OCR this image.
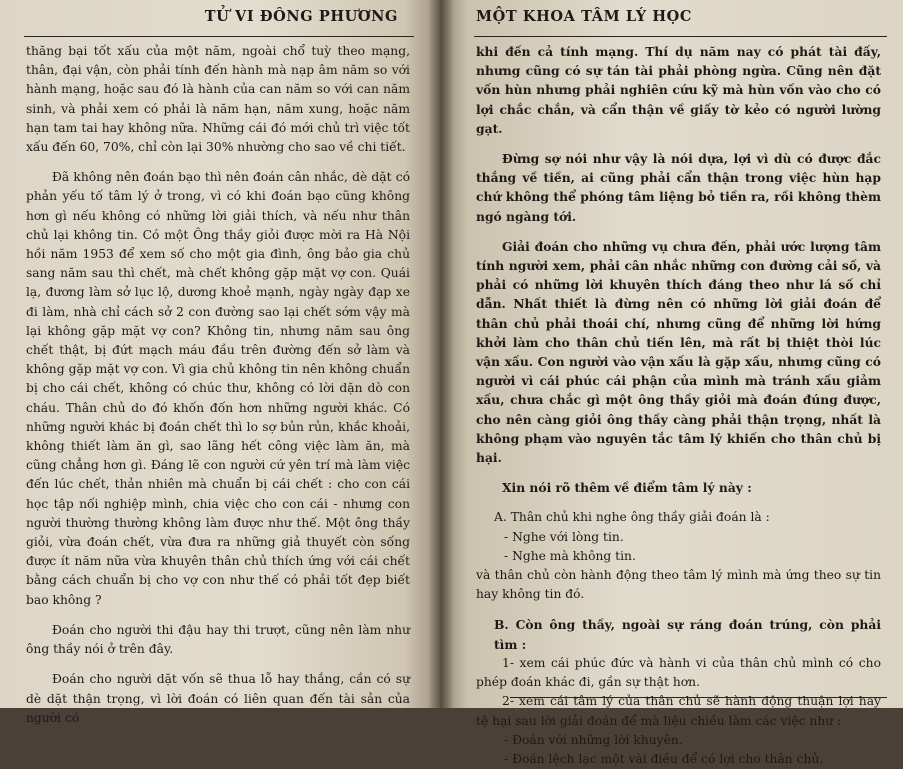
TỬ VI ĐÔNG PHƯƠNG

thăng bại tốt xấu của một năm, ngoài chổ tuỳ theo mạng, thân, đại vận, còn phải tính đến hành mà nạp âm năm so với hành mạng, hoặc sau đó là hành của can năm so với can năm sinh, và phải xem có phải là năm hạn, năm xung, hoặc năm hạn tam tai hay không nữa. Những cái đó mới chủ trì việc tốt xấu đến 60, 70%, chỉ còn lại 30% nhường cho sao về chi tiết.

Đã không nên đoán bạo thì nên đoán cân nhắc, dè dặt có phản yếu tố tâm lý ở trong, vì có khi đoán bạo cũng không hơn gì nếu không có những lời giải thích, và nếu như thân chủ lại không tin. Có một Ông thầy giỏi được mời ra Hà Nội hồi năm 1953 để xem số cho một gia đình, ông bảo gia chủ sang năm sau thì chết, mà chết không gặp mặt vợ con. Quái lạ, đương làm sở lục lộ, dương khoẻ mạnh, ngày ngày đạp xe đi làm, nhà chỉ cách sở 2 con đường sao lại chết sớm vậy mà lại không gặp mặt vợ con? Không tin, nhưng năm sau ông chết thật, bị đứt mạch máu đầu trên đường đến sở làm và không gặp mặt vợ con. Vì gia chủ không tin nên không chuẩn bị cho cái chết, không có chúc thư, không có lời dặn dò con cháu. Thân chủ do đó khốn đốn hơn những người khác. Có những người khác bị đoán chết thì lo sợ bủn rủn, khắc khoải, không thiết làm ăn gì, sao lãng hết công việc làm ăn, mà cũng chẳng hơn gì. Đáng lẽ con người cứ yên trí mà làm việc đến lúc chết, thản nhiên mà chuẩn bị cái chết : cho con cái học tập nối nghiệp mình, chia việc cho con cái - nhưng con người thường thường không làm được như thế. Một ông thầy giỏi, vừa đoán chết, vừa đưa ra những giả thuyết còn sống được ít năm nữa vừa khuyên thân chủ thích ứng với cái chết bằng cách chuẩn bị cho vợ con như thế có phải tốt đẹp biết bao không ?

Đoán cho người thi đậu hay thi trượt, cũng nên làm như ông thầy nói ở trên đây.

Đoán cho người dặt vốn sẽ thua lỗ hay thắng, cần có sự dè dặt thận trọng, vì lời đoán có liên quan đến tài sản của người có

MỘT KHOA TÂM LÝ HỌC

khi đến cả tính mạng. Thí dụ năm nay có phát tài đấy, nhưng cũng có sự tán tài phải phòng ngừa. Cũng nên đặt vốn hùn nhưng phải nghiên cứu kỹ mà hùn vốn vào cho có lợi chắc chắn, và cẩn thận về giấy tờ kẻo có người lường gạt.

Đừng sợ nói như vậy là nói dựa, lợi vì dù có được đắc thắng về tiền, ai cũng phải cẩn thận trong việc hùn hạp chứ không thể phóng tâm liệng bỏ tiền ra, rồi không thèm ngó ngàng tới.

Giải đoán cho những vụ chưa đến, phải ước lượng tâm tính người xem, phải cân nhắc những con đường cải số, và phải có những lời khuyên thích đáng theo như lá số chỉ dẫn. Nhất thiết là đừng nên có những lời giải đoán để thân chủ phải thoái chí, nhưng cũng để những lời hứng khởi làm cho thân chủ tiến lên, mà rất bị thiệt thòi lúc vận xấu. Con người vào vận xấu là gặp xấu, nhưng cũng có người vì cái phúc cái phận của mình mà tránh xấu giảm xấu, chưa chắc gì một ông thầy giỏi mà đoán đúng được, cho nên càng giỏi ông thầy càng phải thận trọng, nhất là không phạm vào nguyên tắc tâm lý khiến cho thân chủ bị hại.

Xin nói rõ thêm về điểm tâm lý này :

A. Thân chủ khi nghe ông thầy giải đoán là :

- Nghe với lòng tin.

- Nghe mà không tin.

và thân chủ còn hành động theo tâm lý mình mà ứng theo sự tin hay không tin đó.

B. Còn ông thầy, ngoài sự ráng đoán trúng, còn phải tìm :

1- xem cái phúc đức và hành vi của thân chủ mình có cho phép đoán khác đi, gần sự thật hơn.

2- xem cái tâm lý của thân chủ sẽ hành động thuận lợi hay tệ hại sau lời giải đoán để mà liệu chiều làm các việc như :

- Đoán với những lời khuyên.

- Đoán lệch lạc một vài điều để có lợi cho thân chủ.
